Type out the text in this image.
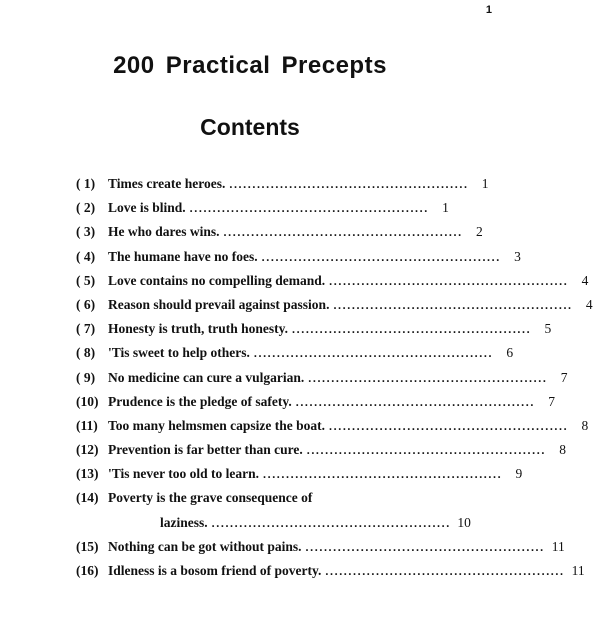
1
200 Practical Precepts
Contents
( 1) Times create heroes. .................................................... 1
( 2) Love is blind. .................................................... 1
( 3) He who dares wins. .................................................... 2
( 4) The humane have no foes. .................................................... 3
( 5) Love contains no compelling demand. .................................................... 4
( 6) Reason should prevail against passion. .................................................... 4
( 7) Honesty is truth, truth honesty. .................................................... 5
( 8) 'Tis sweet to help others. .................................................... 6
( 9) No medicine can cure a vulgarian. .................................................... 7
(10) Prudence is the pledge of safety. .................................................... 7
(11) Too many helmsmen capsize the boat. .................................................... 8
(12) Prevention is far better than cure. .................................................... 8
(13) 'Tis never too old to learn. .................................................... 9
(14) Poverty is the grave consequence of
laziness. .................................................... 10
(15) Nothing can be got without pains. .................................................... 11
(16) Idleness is a bosom friend of poverty. .................................................... 11
